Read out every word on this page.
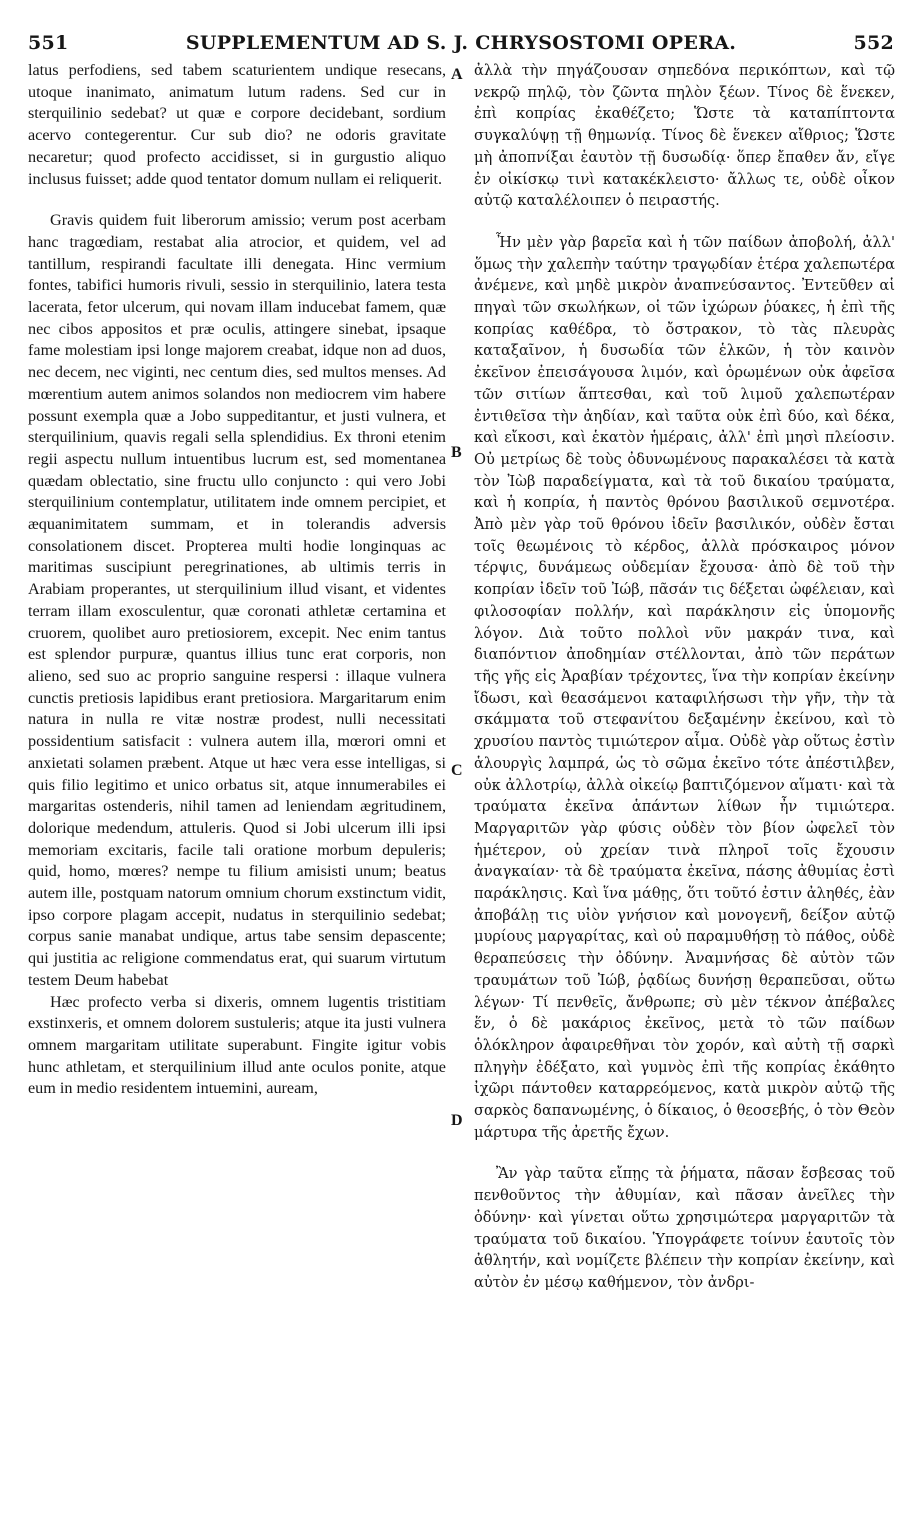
551	SUPPLEMENTUM AD S. J. CHRYSOSTOMI OPERA.	552

latus perfodiens, sed tabem scaturientem undique resecans, utoque inanimato, animatum lutum radens. Sed cur in sterquilinio sedebat? ut quæ e corpore decidebant, sordium acervo contegerentur. Cur sub dio? ne odoris gravitate necaretur; quod profecto accidisset, si in gurgustio aliquo inclusus fuisset; adde quod tentator domum nullam ei reliquerit.

Gravis quidem fuit liberorum amissio; verum post acerbam hanc tragœdiam, restabat alia atrocior, et quidem, vel ad tantillum, respirandi facultate illi denegata. Hinc vermium fontes, tabifici humoris rivuli, sessio in sterquilinio, latera testa lacerata, fetor ulcerum, qui novam illam inducebat famem, quæ nec cibos appositos et præ oculis, attingere sinebat, ipsaque fame molestiam ipsi longe majorem creabat, idque non ad duos, nec decem, nec viginti, nec centum dies, sed multos menses. Ad mœrentium autem animos solandos non mediocrem vim habere possunt exempla quæ a Jobo suppeditantur, et justi vulnera, et sterquilinium, quavis regali sella splendidius. Ex throni etenim regii aspectu nullum intuentibus lucrum est, sed momentanea quædam oblectatio, sine fructu ullo conjuncto : qui vero Jobi sterquilinium contemplatur, utilitatem inde omnem percipiet, et æquanimitatem summam, et in tolerandis adversis consolationem discet. Propterea multi hodie longinquas ac maritimas suscipiunt peregrinationes, ab ultimis terris in Arabiam properantes, ut sterquilinium illud visant, et videntes terram illam exosculentur, quæ coronati athletæ certamina et cruorem, quolibet auro pretiosiorem, excepit. Nec enim tantus est splendor purpuræ, quantus illius tunc erat corporis, non alieno, sed suo ac proprio sanguine respersi : illaque vulnera cunctis pretiosis lapidibus erant pretiosiora. Margaritarum enim natura in nulla re vitæ nostræ prodest, nulli necessitati possidentium satisfacit : vulnera autem illa, mœrori omni et anxietati solamen præbent. Atque ut hæc vera esse intelligas, si quis filio legitimo et unico orbatus sit, atque innumerabiles ei margaritas ostenderis, nihil tamen ad leniendam ægritudinem, dolorique medendum, attuleris. Quod si Jobi ulcerum illi ipsi memoriam excitaris, facile tali oratione morbum depuleris; quid, homo, mœres? nempe tu filium amisisti unum; beatus autem ille, postquam natorum omnium chorum exstinctum vidit, ipso corpore plagam accepit, nudatus in sterquilinio sedebat; corpus sanie manabat undique, artus tabe sensim depascente; qui justitia ac religione commendatus erat, qui suarum virtutum testem Deum habebat

Hæc profecto verba si dixeris, omnem lugentis tristitiam exstinxeris, et omnem dolorem sustuleris; atque ita justi vulnera omnem margaritam utilitate superabunt. Fingite igitur vobis hunc athletam, et sterquilinium illud ante oculos ponite, atque eum in medio residentem intuemini, auream,

A
B
C
D

ἀλλὰ τὴν πηγάζουσαν σηπεδόνα περικόπτων, καὶ τῷ νεκρῷ πηλῷ, τὸν ζῶντα πηλὸν ξέων. Τίνος δὲ ἕνεκεν, ἐπὶ κοπρίας ἐκαθέζετο; Ὥστε τὰ καταπίπτοντα συγκαλύψῃ τῇ θημωνίᾳ. Τίνος δὲ ἕνεκεν αἴθριος; Ὥστε μὴ ἀποπνίξαι ἑαυτὸν τῇ δυσωδίᾳ· ὅπερ ἔπαθεν ἄν, εἴγε ἐν οἰκίσκῳ τινὶ κατακέκλειστο· ἄλλως τε, οὐδὲ οἶκον αὐτῷ καταλέλοιπεν ὁ πειραστής.

Ἦν μὲν γὰρ βαρεῖα καὶ ἡ τῶν παίδων ἀποβολή, ἀλλ' ὅμως τὴν χαλεπὴν ταύτην τραγῳδίαν ἑτέρα χαλεπωτέρα ἀνέμενε, καὶ μηδὲ μικρὸν ἀναπνεύσαντος. Ἐντεῦθεν αἱ πηγαὶ τῶν σκωλήκων, οἱ τῶν ἰχώρων ῥύακες, ἡ ἐπὶ τῆς κοπρίας καθέδρα, τὸ ὄστρακον, τὸ τὰς πλευρὰς καταξαῖνον, ἡ δυσωδία τῶν ἑλκῶν, ἡ τὸν καινὸν ἐκεῖνον ἐπεισάγουσα λιμόν, καὶ ὁρωμένων οὐκ ἀφεῖσα τῶν σιτίων ἅπτεσθαι, καὶ τοῦ λιμοῦ χαλεπωτέραν ἐντιθεῖσα τὴν ἀηδίαν, καὶ ταῦτα οὐκ ἐπὶ δύο, καὶ δέκα, καὶ εἴκοσι, καὶ ἑκατὸν ἡμέραις, ἀλλ' ἐπὶ μησὶ πλείοσιν. Οὐ μετρίως δὲ τοὺς ὀδυνωμένους παρακαλέσει τὰ κατὰ τὸν Ἰὼβ παραδείγματα, καὶ τὰ τοῦ δικαίου τραύματα, καὶ ἡ κοπρία, ἡ παντὸς θρόνου βασιλικοῦ σεμνοτέρα. Ἀπὸ μὲν γὰρ τοῦ θρόνου ἰδεῖν βασιλικόν, οὐδὲν ἔσται τοῖς θεωμένοις τὸ κέρδος, ἀλλὰ πρόσκαιρος μόνον τέρψις, δυνάμεως οὐδεμίαν ἔχουσα· ἀπὸ δὲ τοῦ τὴν κοπρίαν ἰδεῖν τοῦ Ἰώβ, πᾶσάν τις δέξεται ὠφέλειαν, καὶ φιλοσοφίαν πολλήν, καὶ παράκλησιν εἰς ὑπομονῆς λόγον. Διὰ τοῦτο πολλοὶ νῦν μακράν τινα, καὶ διαπόντιον ἀποδημίαν στέλλονται, ἀπὸ τῶν περάτων τῆς γῆς εἰς Ἀραβίαν τρέχοντες, ἵνα τὴν κοπρίαν ἐκείνην ἴδωσι, καὶ θεασάμενοι καταφιλήσωσι τὴν γῆν, τὴν τὰ σκάμματα τοῦ στεφανίτου δεξαμένην ἐκείνου, καὶ τὸ χρυσίου παντὸς τιμιώτερον αἷμα. Οὐδὲ γὰρ οὕτως ἐστὶν ἁλουργὶς λαμπρά, ὡς τὸ σῶμα ἐκεῖνο τότε ἀπέστιλβεν, οὐκ ἀλλοτρίῳ, ἀλλὰ οἰκείῳ βαπτιζόμενον αἵματι· καὶ τὰ τραύματα ἐκεῖνα ἁπάντων λίθων ἦν τιμιώτερα. Μαργαριτῶν γὰρ φύσις οὐδὲν τὸν βίον ὠφελεῖ τὸν ἡμέτερον, οὐ χρείαν τινὰ πληροῖ τοῖς ἔχουσιν ἀναγκαίαν· τὰ δὲ τραύματα ἐκεῖνα, πάσης ἀθυμίας ἐστὶ παράκλησις. Καὶ ἵνα μάθῃς, ὅτι τοῦτό ἐστιν ἀληθές, ἐὰν ἀποβάλῃ τις υἱὸν γνήσιον καὶ μονογενῆ, δείξον αὐτῷ μυρίους μαργαρίτας, καὶ οὐ παραμυθήσῃ τὸ πάθος, οὐδὲ θεραπεύσεις τὴν ὀδύνην. Ἀναμνήσας δὲ αὐτὸν τῶν τραυμάτων τοῦ Ἰώβ, ῥᾳδίως δυνήσῃ θεραπεῦσαι, οὕτω λέγων· Τί πενθεῖς, ἄνθρωπε; σὺ μὲν τέκνον ἀπέβαλες ἕν, ὁ δὲ μακάριος ἐκεῖνος, μετὰ τὸ τῶν παίδων ὁλόκληρον ἀφαιρεθῆναι τὸν χορόν, καὶ αὐτὴ τῇ σαρκὶ πληγὴν ἐδέξατο, καὶ γυμνὸς ἐπὶ τῆς κοπρίας ἐκάθητο ἰχῶρι πάντοθεν καταρρεόμενος, κατὰ μικρὸν αὐτῷ τῆς σαρκὸς δαπανωμένης, ὁ δίκαιος, ὁ θεοσεβής, ὁ τὸν Θεὸν μάρτυρα τῆς ἀρετῆς ἔχων.

Ἂν γὰρ ταῦτα εἴπῃς τὰ ῥήματα, πᾶσαν ἔσβεσας τοῦ πενθοῦντος τὴν ἀθυμίαν, καὶ πᾶσαν ἀνεῖλες τὴν ὀδύνην· καὶ γίνεται οὕτω χρησιμώτερα μαργαριτῶν τὰ τραύματα τοῦ δικαίου. Ὑπογράφετε τοίνυν ἑαυτοῖς τὸν ἀθλητήν, καὶ νομίζετε βλέπειν τὴν κοπρίαν ἐκείνην, καὶ αὐτὸν ἐν μέσῳ καθήμενον, τὸν ἀνδρι-
